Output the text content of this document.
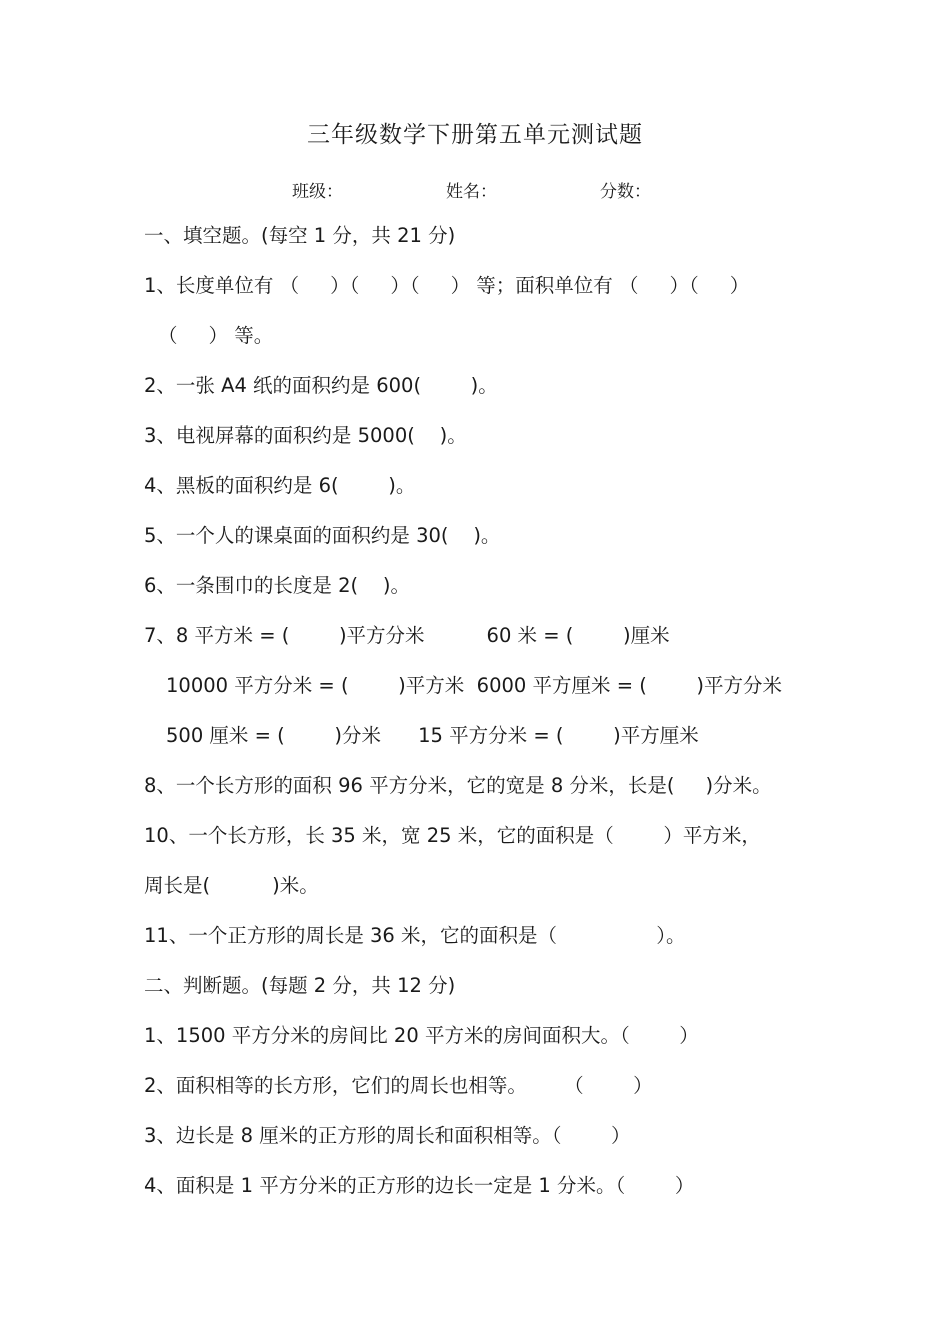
三年级数学下册第五单元测试题
班级：	姓名：	分数：
一、填空题。(每空 1 分，共 21 分)
1、长度单位有 （     ）（     ）（     ） 等；面积单位有 （     ）（     ）
（     ） 等。
2、一张 A4 纸的面积约是 600(        )。
3、电视屏幕的面积约是 5000(    )。
4、黑板的面积约是 6(        )。
5、一个人的课桌面的面积约是 30(    )。
6、一条围巾的长度是 2(    )。
7、8 平方米 = (        )平方分米          60 米 = (        )厘米
10000 平方分米 = (        )平方米  6000 平方厘米 = (        )平方分米
500 厘米 = (        )分米      15 平方分米 = (        )平方厘米
8、一个长方形的面积 96 平方分米，它的宽是 8 分米，长是(     )分米。
10、一个长方形，长 35 米，宽 25 米，它的面积是（        ）平方米，
周长是(          )米。
11、一个正方形的周长是 36 米，它的面积是（                ）。
二、判断题。(每题 2 分，共 12 分)
1、1500 平方分米的房间比 20 平方米的房间面积大。（        ）
2、面积相等的长方形，它们的周长也相等。      （        ）
3、边长是 8 厘米的正方形的周长和面积相等。（        ）
4、面积是 1 平方分米的正方形的边长一定是 1 分米。（        ）
